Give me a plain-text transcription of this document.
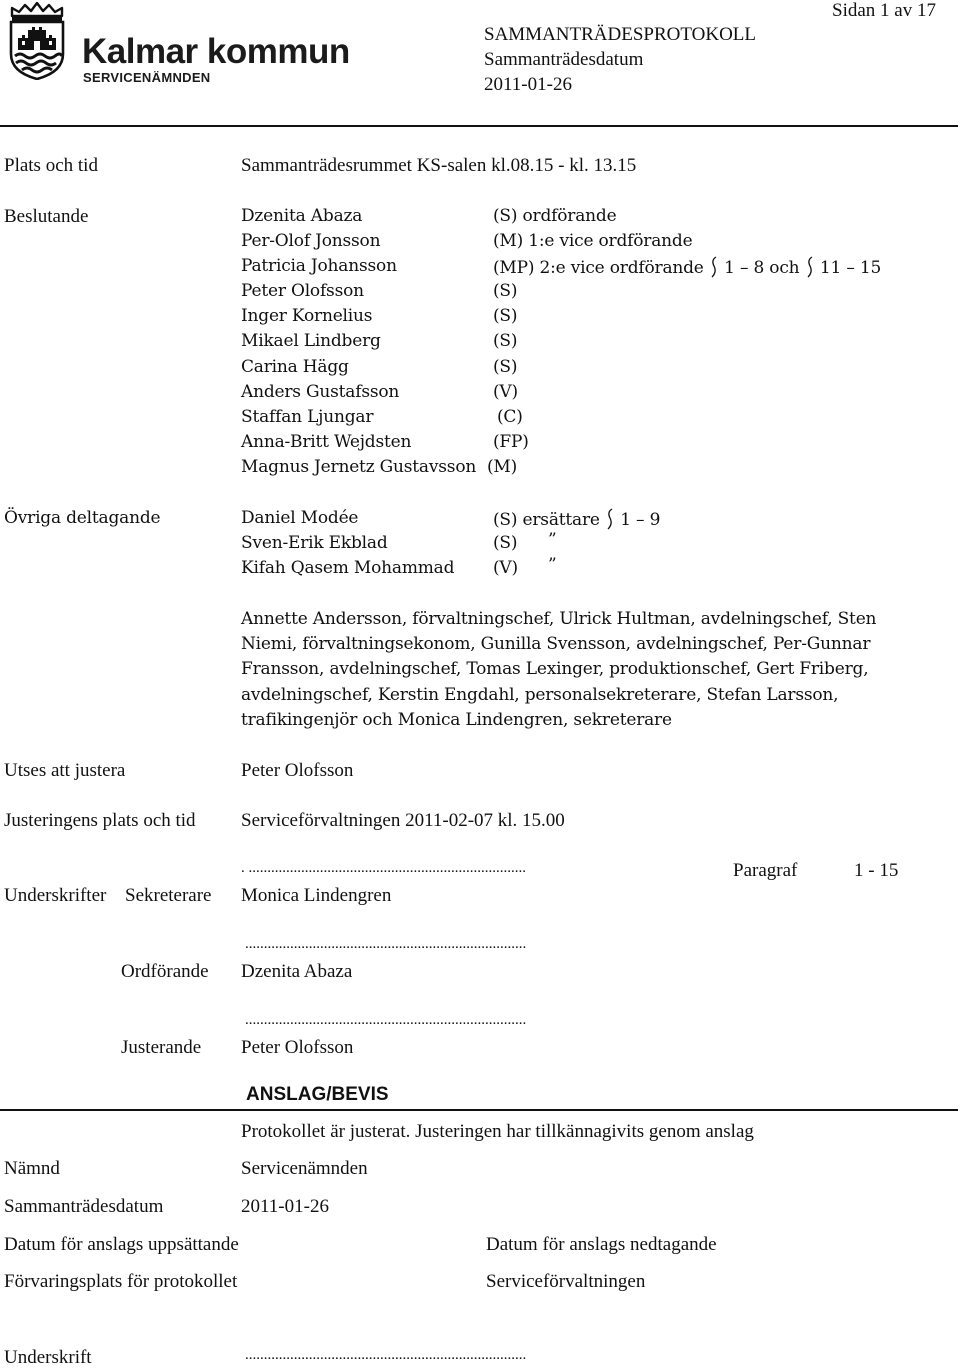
Kalmar kommun
SERVICENÄMNDEN
Sidan 1 av 17
SAMMANTRÄDESPROTOKOLL
Sammanträdesdatum
2011-01-26
Plats och tid	Sammanträdesrummet KS-salen kl.08.15 - kl. 13.15
Beslutande	Dzenita Abaza	(S) ordförande
Per-Olof Jonsson	(M) 1:e vice ordförande
Patricia Johansson	(MP) 2:e vice ordförande 1 – 8 och 11 – 15
Peter Olofsson	(S)
Inger Kornelius	(S)
Mikael Lindberg	(S)
Carina Hägg	(S)
Anders Gustafsson	(V)
Staffan Ljungar	(C)
Anna-Britt Wejdsten	(FP)
Magnus Jernetz Gustavsson (M)
Övriga deltagande	Daniel Modée	(S) ersättare 1 – 9
Sven-Erik Ekblad	(S) ”
Kifah Qasem Mohammad (V) ”
Annette Andersson, förvaltningschef, Ulrick Hultman, avdelningschef, Sten Niemi, förvaltningsekonom, Gunilla Svensson, avdelningschef, Per-Gunnar Fransson, avdelningschef, Tomas Lexinger, produktionschef, Gert Friberg, avdelningschef, Kerstin Engdahl, personalsekreterare, Stefan Larsson, trafikingenjör och Monica Lindengren, sekreterare
Utses att justera	Peter Olofsson
Justeringens plats och tid Serviceförvaltningen 2011-02-07 kl. 15.00
. ..........................................................................	Paragraf	1 - 15
Underskrifter Sekreterare Monica Lindengren
...........................................................................
Ordförande Dzenita Abaza
...........................................................................
Justerande Peter Olofsson
ANSLAG/BEVIS
Protokollet är justerat. Justeringen har tillkännagivits genom anslag
Nämnd	Servicenämnden
Sammanträdesdatum	2011-01-26
Datum för anslags uppsättande	Datum för anslags nedtagande
Förvaringsplats för protokollet	Serviceförvaltningen
Underskrift	...........................................................................
